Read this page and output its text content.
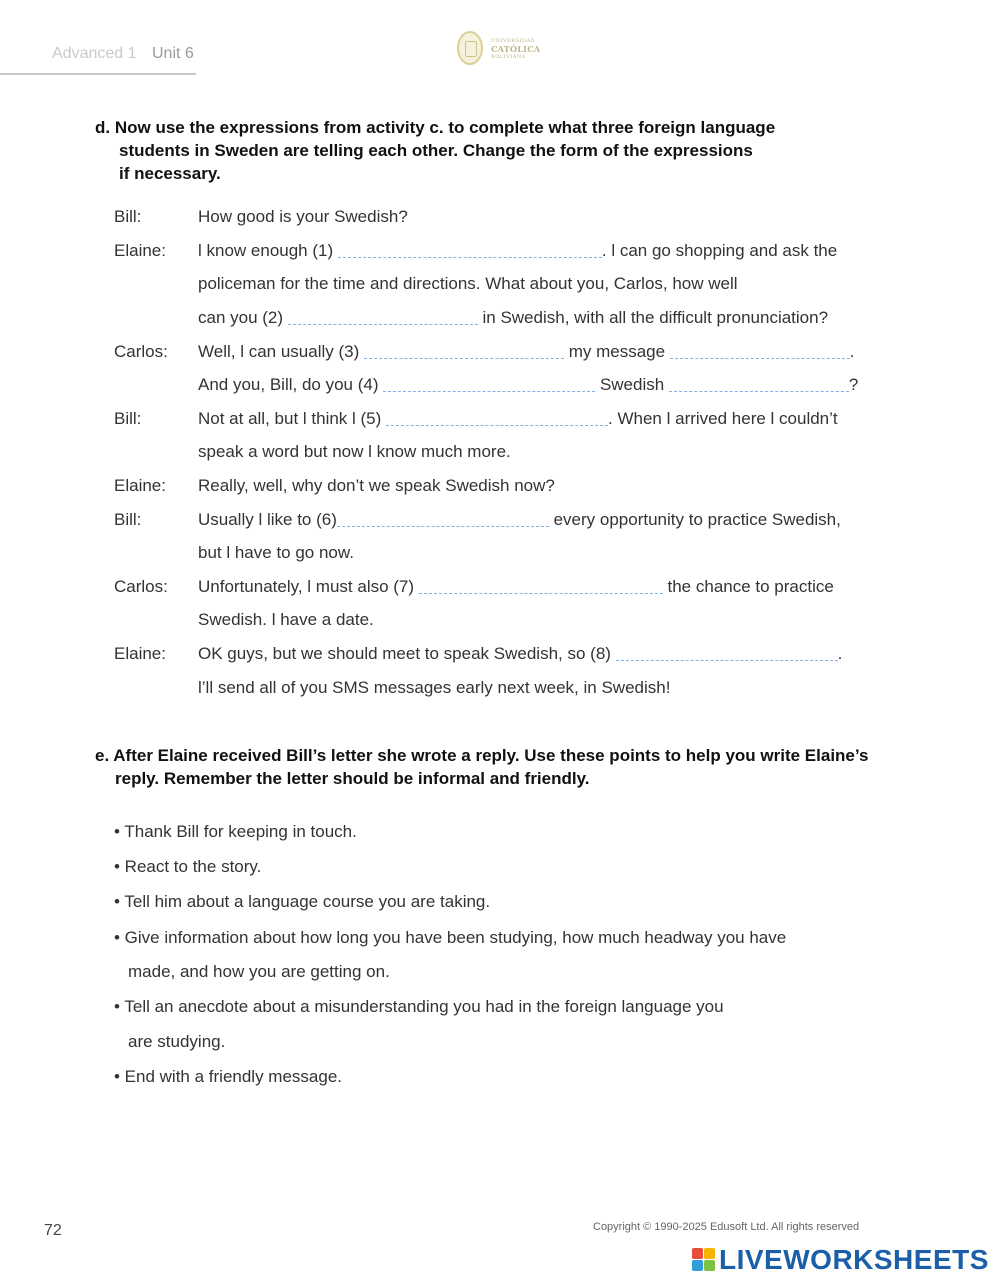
Advanced 1 Unit 6
UNIVERSIDAD
CATÓLICA
BOLIVIANA
d. Now use the expressions from activity c. to complete what three foreign language
students in Sweden are telling each other. Change the form of the expressions
if necessary.
Bill:	How good is your Swedish?
Elaine: l know enough (1)	. l can go shopping and ask the
policeman for the time and directions. What about you, Carlos, how well
can you (2)	in Swedish, with all the difficult pronunciation?
Carlos: Well, l can usually (3)	my message	.
And you, Bill, do you (4)	Swedish	?
Bill:	Not at all, but l think l (5)	. When l arrived here l couldn’t
speak a word but now l know much more.
Elaine: Really, well, why don’t we speak Swedish now?
Bill:	Usually l like to (6)	every opportunity to practice Swedish,
but l have to go now.
Carlos: Unfortunately, l must also (7)	the chance to practice
Swedish. l have a date.
Elaine: OK guys, but we should meet to speak Swedish, so (8)	.
l’ll send all of you SMS messages early next week, in Swedish!
e. After Elaine received Bill’s letter she wrote a reply. Use these points to help you write Elaine’s
reply. Remember the letter should be informal and friendly.
• Thank Bill for keeping in touch.
• React to the story.
• Tell him about a language course you are taking.
• Give information about how long you have been studying, how much headway you have
made, and how you are getting on.
• Tell an anecdote about a misunderstanding you had in the foreign language you
are studying.
• End with a friendly message.
72	Copyright © 1990-2025 Edusoft Ltd. All rights reserved
LIVEWORKSHEETS
